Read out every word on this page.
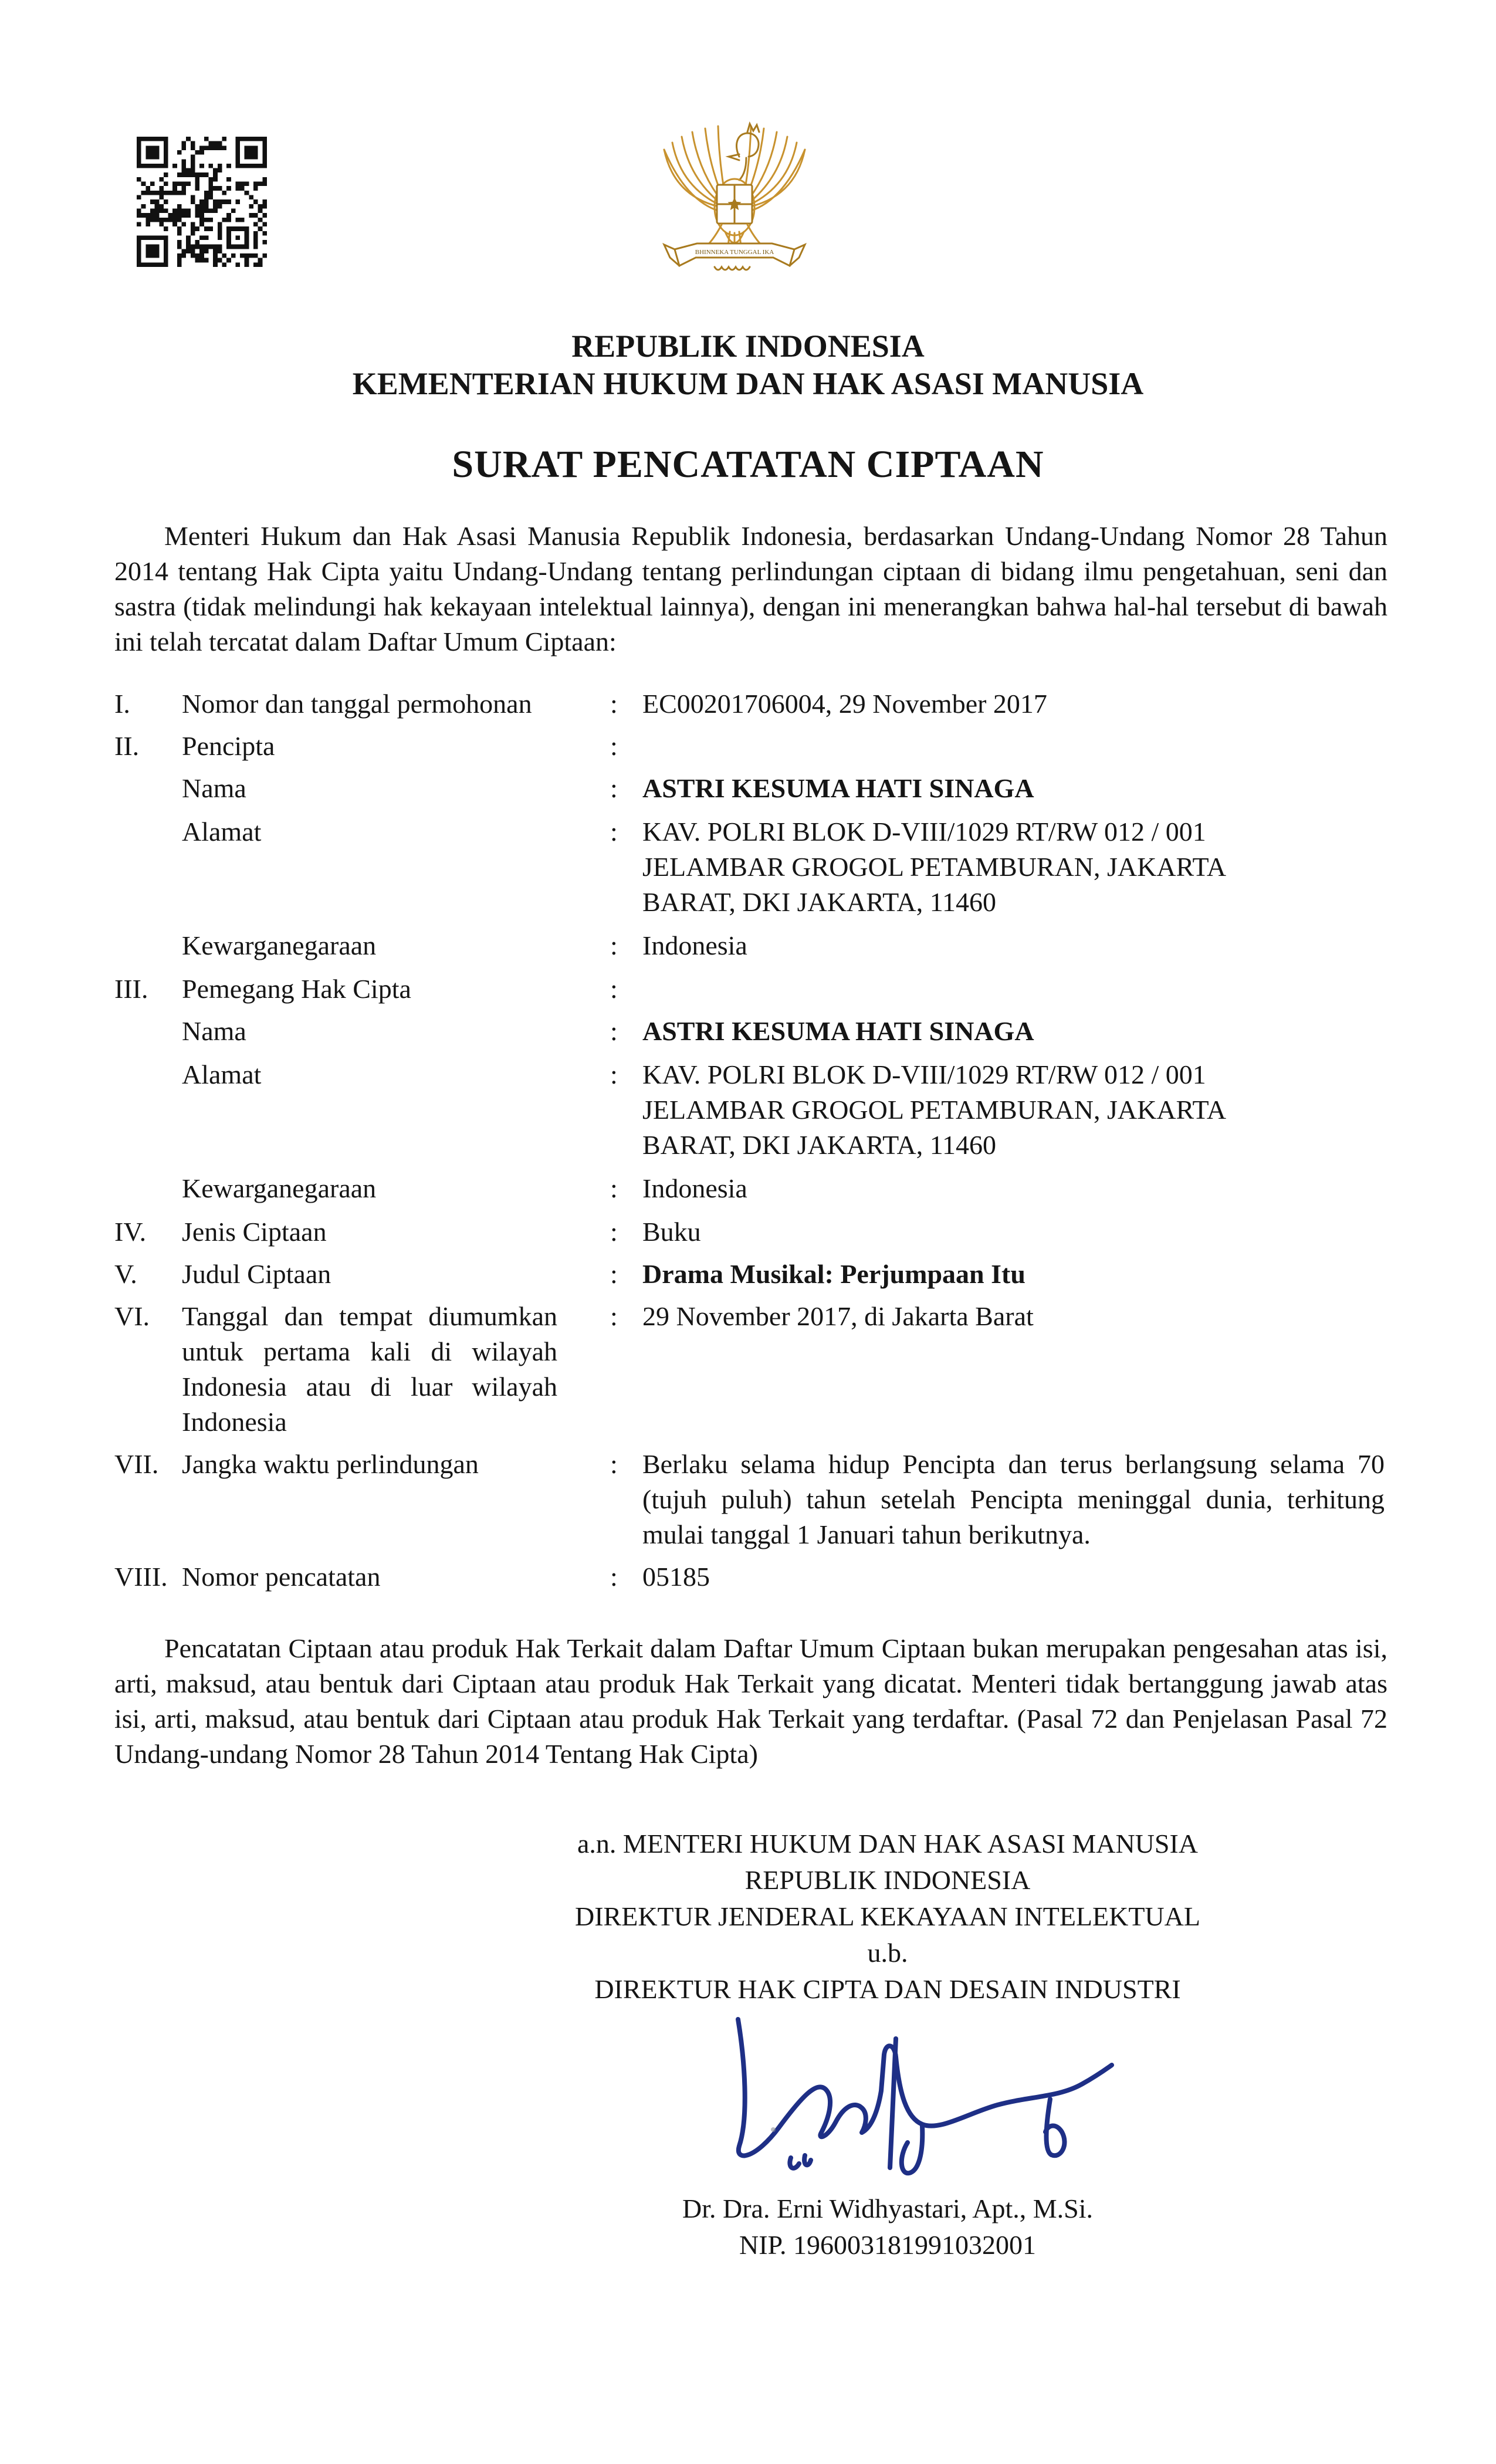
BHINNEKA TUNGGAL IKA
REPUBLIK INDONESIA
KEMENTERIAN HUKUM DAN HAK ASASI MANUSIA
SURAT PENCATATAN CIPTAAN

Menteri Hukum dan Hak Asasi Manusia Republik Indonesia, berdasarkan Undang-Undang Nomor 28 Tahun 2014 tentang Hak Cipta yaitu Undang-Undang tentang perlindungan ciptaan di bidang ilmu pengetahuan, seni dan sastra (tidak melindungi hak kekayaan intelektual lainnya), dengan ini menerangkan bahwa hal-hal tersebut di bawah ini telah tercatat dalam Daftar Umum Ciptaan:

I.	Nomor dan tanggal permohonan	: EC00201706004, 29 November 2017
II.	Pencipta	:
Nama	: ASTRI KESUMA HATI SINAGA
Alamat	: KAV. POLRI BLOK D-VIII/1029 RT/RW 012 / 001 JELAMBAR GROGOL PETAMBURAN, JAKARTA BARAT, DKI JAKARTA, 11460
Kewarganegaraan	: Indonesia
III.	Pemegang Hak Cipta	:
Nama	: ASTRI KESUMA HATI SINAGA
Alamat	: KAV. POLRI BLOK D-VIII/1029 RT/RW 012 / 001 JELAMBAR GROGOL PETAMBURAN, JAKARTA BARAT, DKI JAKARTA, 11460
Kewarganegaraan	: Indonesia
IV.	Jenis Ciptaan	: Buku
V.	Judul Ciptaan	: Drama Musikal: Perjumpaan Itu
VI.	Tanggal dan tempat diumumkan untuk pertama kali di wilayah Indonesia atau di luar wilayah Indonesia
: 29 November 2017, di Jakarta Barat
VII. Jangka waktu perlindungan	: Berlaku selama hidup Pencipta dan terus berlangsung selama 70 (tujuh puluh) tahun setelah Pencipta meninggal dunia, terhitung mulai tanggal 1 Januari tahun berikutnya.
VIII. Nomor pencatatan	: 05185

Pencatatan Ciptaan atau produk Hak Terkait dalam Daftar Umum Ciptaan bukan merupakan pengesahan atas isi, arti, maksud, atau bentuk dari Ciptaan atau produk Hak Terkait yang dicatat. Menteri tidak bertanggung jawab atas isi, arti, maksud, atau bentuk dari Ciptaan atau produk Hak Terkait yang terdaftar. (Pasal 72 dan Penjelasan Pasal 72 Undang-undang Nomor 28 Tahun 2014 Tentang Hak Cipta)

a.n. MENTERI HUKUM DAN HAK ASASI MANUSIA
REPUBLIK INDONESIA
DIREKTUR JENDERAL KEKAYAAN INTELEKTUAL
u.b.
DIREKTUR HAK CIPTA DAN DESAIN INDUSTRI
Dr. Dra. Erni Widhyastari, Apt., M.Si.
NIP. 196003181991032001
